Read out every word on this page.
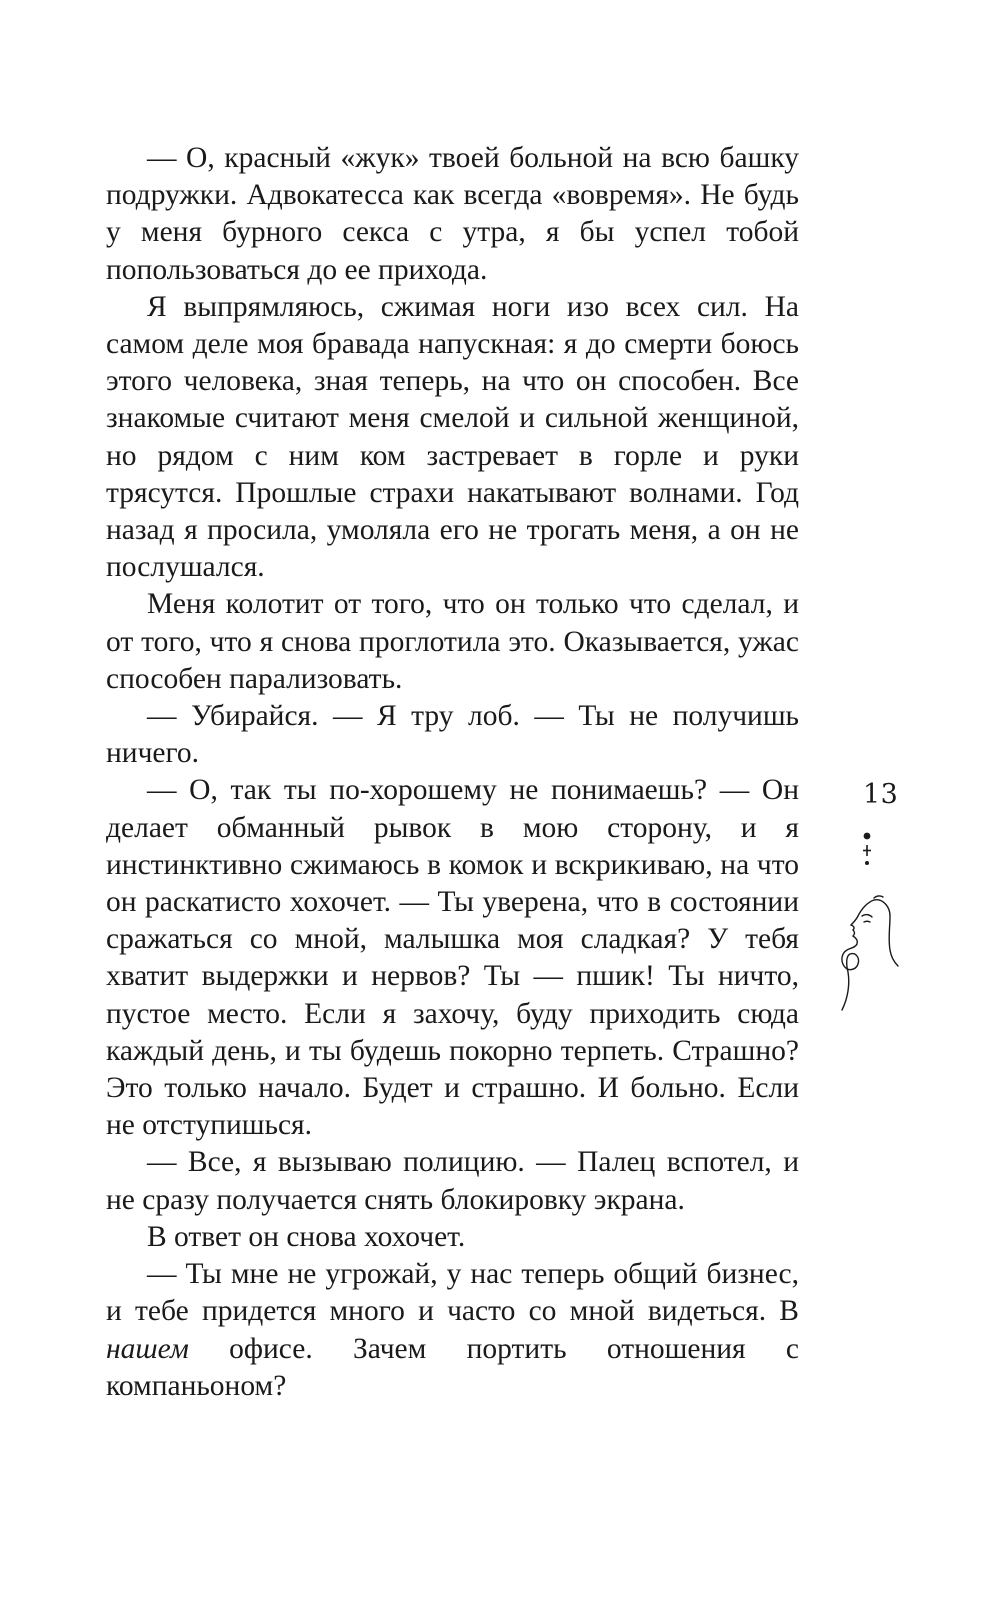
— О, красный «жук» твоей больной на всю башку подружки. Адвокатесса как всегда «вовремя». Не будь у меня бурного секса с утра, я бы успел тобой попользоваться до ее прихода.

Я выпрямляюсь, сжимая ноги изо всех сил. На самом деле моя бравада напускная: я до смерти боюсь этого человека, зная теперь, на что он способен. Все знакомые считают меня смелой и сильной женщиной, но рядом с ним ком застревает в горле и руки трясутся. Прошлые страхи накатывают волнами. Год назад я просила, умоляла его не трогать меня, а он не послушался.

Меня колотит от того, что он только что сделал, и от того, что я снова проглотила это. Оказывается, ужас способен парализовать.

— Убирайся. — Я тру лоб. — Ты не получишь ничего.

— О, так ты по-хорошему не понимаешь? — Он делает обманный рывок в мою сторону, и я инстинктивно сжимаюсь в комок и вскрикиваю, на что он раскатисто хохочет. — Ты уверена, что в состоянии сражаться со мной, малышка моя сладкая? У тебя хватит выдержки и нервов? Ты — пшик! Ты ничто, пустое место. Если я захочу, буду приходить сюда каждый день, и ты будешь покорно терпеть. Страшно? Это только начало. Будет и страшно. И больно. Если не отступишься.

— Все, я вызываю полицию. — Палец вспотел, и не сразу получается снять блокировку экрана.

В ответ он снова хохочет.

— Ты мне не угрожай, у нас теперь общий бизнес, и тебе придется много и часто со мной видеться. В нашем офисе. Зачем портить отношения с компаньоном?

13
